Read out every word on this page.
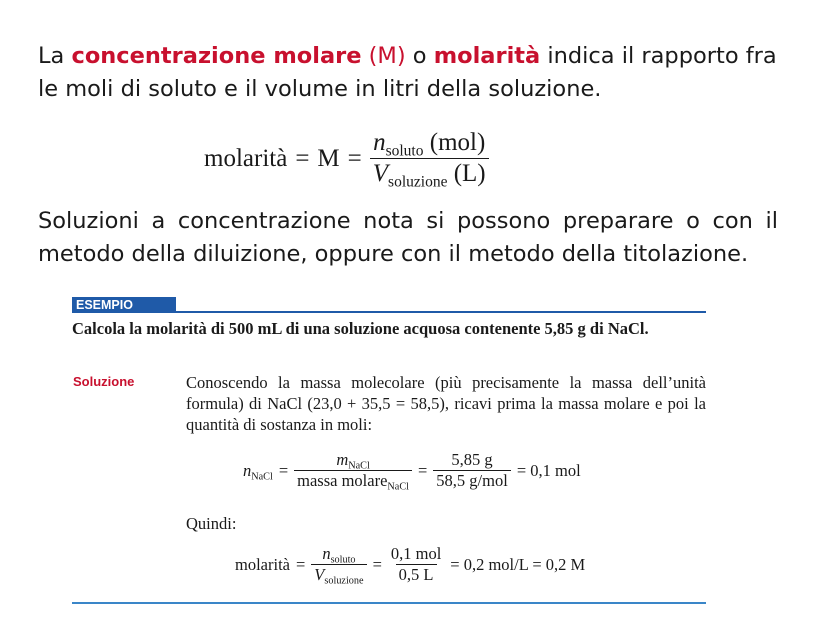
La concentrazione molare (M) o molarità indica il rapporto fra le moli di soluto e il volume in litri della soluzione.
molarità = $M = \frac{n_{soluto} (mol)}{V_{soluzione} (L)}$
Soluzioni a concentrazione nota si possono preparare o con il metodo della diluizione, oppure con il metodo della titolazione.
ESEMPIO
Calcola la molarità di 500 mL di una soluzione acquosa contenente 5,85 g di NaCl.
Soluzione	Conoscendo la massa molecolare (più precisamente la massa dell’unità formula) di NaCl (23,0 + 35,5 = 58,5), ricavi prima la massa molare e poi la quantità di sostanza in moli:
$n_{NaCl} = \frac{m_{NaCl}}{massa molare_{NaCl}} = \frac{5,85 g}{\text{58,5 g/mol}} = 0,1$ mol
Quindi:
molarità = $\frac{n_{soluto}}{V_{soluzione}} = \frac{\text{0,1 mol}}{0,5 L} = 0,2$ mol/L = 0,2 M
